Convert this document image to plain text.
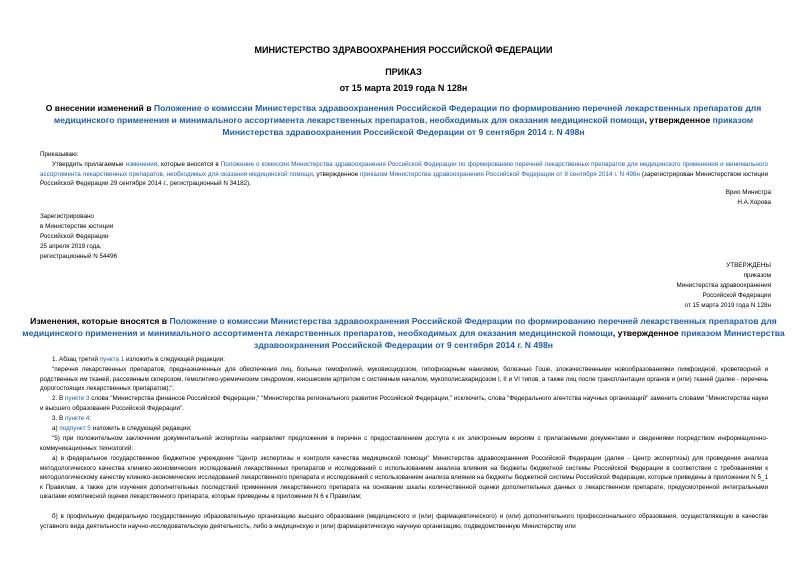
МИНИСТЕРСТВО ЗДРАВООХРАНЕНИЯ РОССИЙСКОЙ ФЕДЕРАЦИИ
ПРИКАЗ
от 15 марта 2019 года N 128н
О внесении изменений в Положение о комиссии Министерства здравоохранения Российской Федерации по формированию перечней лекарственных препаратов для медицинского применения и минимального ассортимента лекарственных препаратов, необходимых для оказания медицинской помощи, утвержденное приказом Министерства здравоохранения Российской Федерации от 9 сентября 2014 г. N 498н
Приказываю:
Утвердить прилагаемые изменения, которые вносятся в Положение о комиссии Министерства здравоохранения Российской Федерации по формированию перечней лекарственных препаратов для медицинского применения и минимального ассортимента лекарственных препаратов, необходимых для оказания медицинской помощи, утвержденное приказом Министерства здравоохранения Российской Федерации от 9 сентября 2014 г. N 498н (зарегистрирован Министерством юстиции Российской Федерации 29 сентября 2014 г., регистрационный N 34182).
Врио Министра
Н.А.Хорова
Зарегистрировано
в Министерстве юстиции
Российской Федерации
25 апреля 2019 года,
регистрационный N 54496
УТВЕРЖДЕНЫ
приказом
Министерства здравоохранения
Российской Федерации
от 15 марта 2019 года N 128н
Изменения, которые вносятся в Положение о комиссии Министерства здравоохранения Российской Федерации по формированию перечней лекарственных препаратов для медицинского применения и минимального ассортимента лекарственных препаратов, необходимых для оказания медицинской помощи, утвержденное приказом Министерства здравоохранения Российской Федерации от 9 сентября 2014 г. N 498н
1. Абзац третий пункта 1 изложить в следующей редакции:
"перечня лекарственных препаратов, предназначенных для обеспечения лиц, больных гемофилией, муковисцидозом, гипофизарным нанизмом, болезнью Гоше, злокачественными новообразованиями лимфоидной, кроветворной и родственных им тканей, рассеянным склерозом, гемолитико-уремическим синдромом, юношеским артритом с системным началом, мукополисахаридозом I, II и VI типов, а также лиц после трансплантации органов и (или) тканей (далее - перечень дорогостоящих лекарственных препаратов);".
2. В пункте 3 слова "Министерства финансов Российской Федерации," "Министерства регионального развития Российской Федерации," исключить, слова "Федерального агентства научных организаций" заменить словами "Министерства науки и высшего образования Российской Федерации".
3. В пункте 4:
а) подпункт 5 изложить в следующей редакции:
"5) при положительном заключении документальной экспертизы направляет предложения в перечни с предоставлением доступа к их электронным версиям с прилагаемыми документами и сведениями посредством информационно-коммуникационных технологий:
а) в федеральное государственное бюджетное учреждение "Центр экспертизы и контроля качества медицинской помощи" Министерства здравоохранения Российской Федерации (далее - Центр экспертизы) для проведения анализа методологического качества клинико-экономических исследований лекарственных препаратов и исследований с использованием анализа влияния на бюджеты бюджетной системы Российской Федерации в соответствии с требованиями к методологическому качеству клинико-экономических исследований лекарственного препарата и исследований с использованием анализа влияния на бюджеты бюджетной системы Российской Федерации, которые приведены в приложении N 5_1 к Правилам, а также для изучения дополнительных последствий применения лекарственного препарата на основании шкалы количественной оценки дополнительных данных о лекарственном препарате, предусмотренной интегральными шкалами комплексной оценки лекарственного препарата, которые приведены в приложении N 6 к Правилам;
б) в профильную федеральную государственную образовательную организацию высшего образования (медицинского и (или) фармацевтического) и (или) дополнительного профессионального образования, осуществляющую в качестве уставного вида деятельности научно-исследовательскую деятельность, либо в медицинскую и (или) фармацевтическую научную организацию, подведомственную Министерству или
